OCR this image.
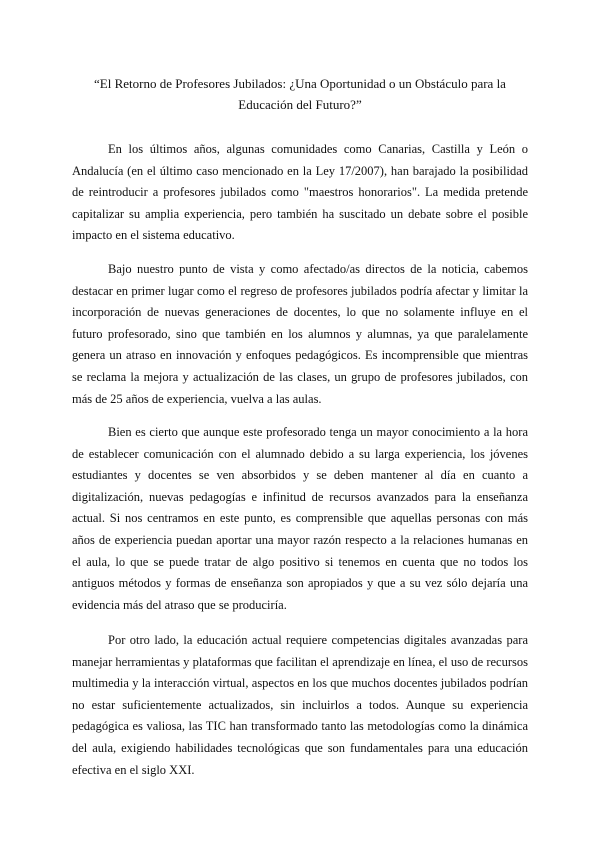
“El Retorno de Profesores Jubilados: ¿Una Oportunidad o un Obstáculo para la Educación del Futuro?”

En los últimos años, algunas comunidades como Canarias, Castilla y León o Andalucía (en el último caso mencionado en la Ley 17/2007), han barajado la posibilidad de reintroducir a profesores jubilados como "maestros honorarios". La medida pretende capitalizar su amplia experiencia, pero también ha suscitado un debate sobre el posible impacto en el sistema educativo.

Bajo nuestro punto de vista y como afectado/as directos de la noticia, cabemos destacar en primer lugar como el regreso de profesores jubilados podría afectar y limitar la incorporación de nuevas generaciones de docentes, lo que no solamente influye en el futuro profesorado, sino que también en los alumnos y alumnas, ya que paralelamente genera un atraso en innovación y enfoques pedagógicos. Es incomprensible que mientras se reclama la mejora y actualización de las clases, un grupo de profesores jubilados, con más de 25 años de experiencia, vuelva a las aulas.

Bien es cierto que aunque este profesorado tenga un mayor conocimiento a la hora de establecer comunicación con el alumnado debido a su larga experiencia, los jóvenes estudiantes y docentes se ven absorbidos y se deben mantener al día en cuanto a digitalización, nuevas pedagogías e infinitud de recursos avanzados para la enseñanza actual. Si nos centramos en este punto, es comprensible que aquellas personas con más años de experiencia puedan aportar una mayor razón respecto a la relaciones humanas en el aula, lo que se puede tratar de algo positivo si tenemos en cuenta que no todos los antiguos métodos y formas de enseñanza son apropiados y que a su vez sólo dejaría una evidencia más del atraso que se produciría.

Por otro lado, la educación actual requiere competencias digitales avanzadas para manejar herramientas y plataformas que facilitan el aprendizaje en línea, el uso de recursos multimedia y la interacción virtual, aspectos en los que muchos docentes jubilados podrían no estar suficientemente actualizados, sin incluirlos a todos. Aunque su experiencia pedagógica es valiosa, las TIC han transformado tanto las metodologías como la dinámica del aula, exigiendo habilidades tecnológicas que son fundamentales para una educación efectiva en el siglo XXI.
